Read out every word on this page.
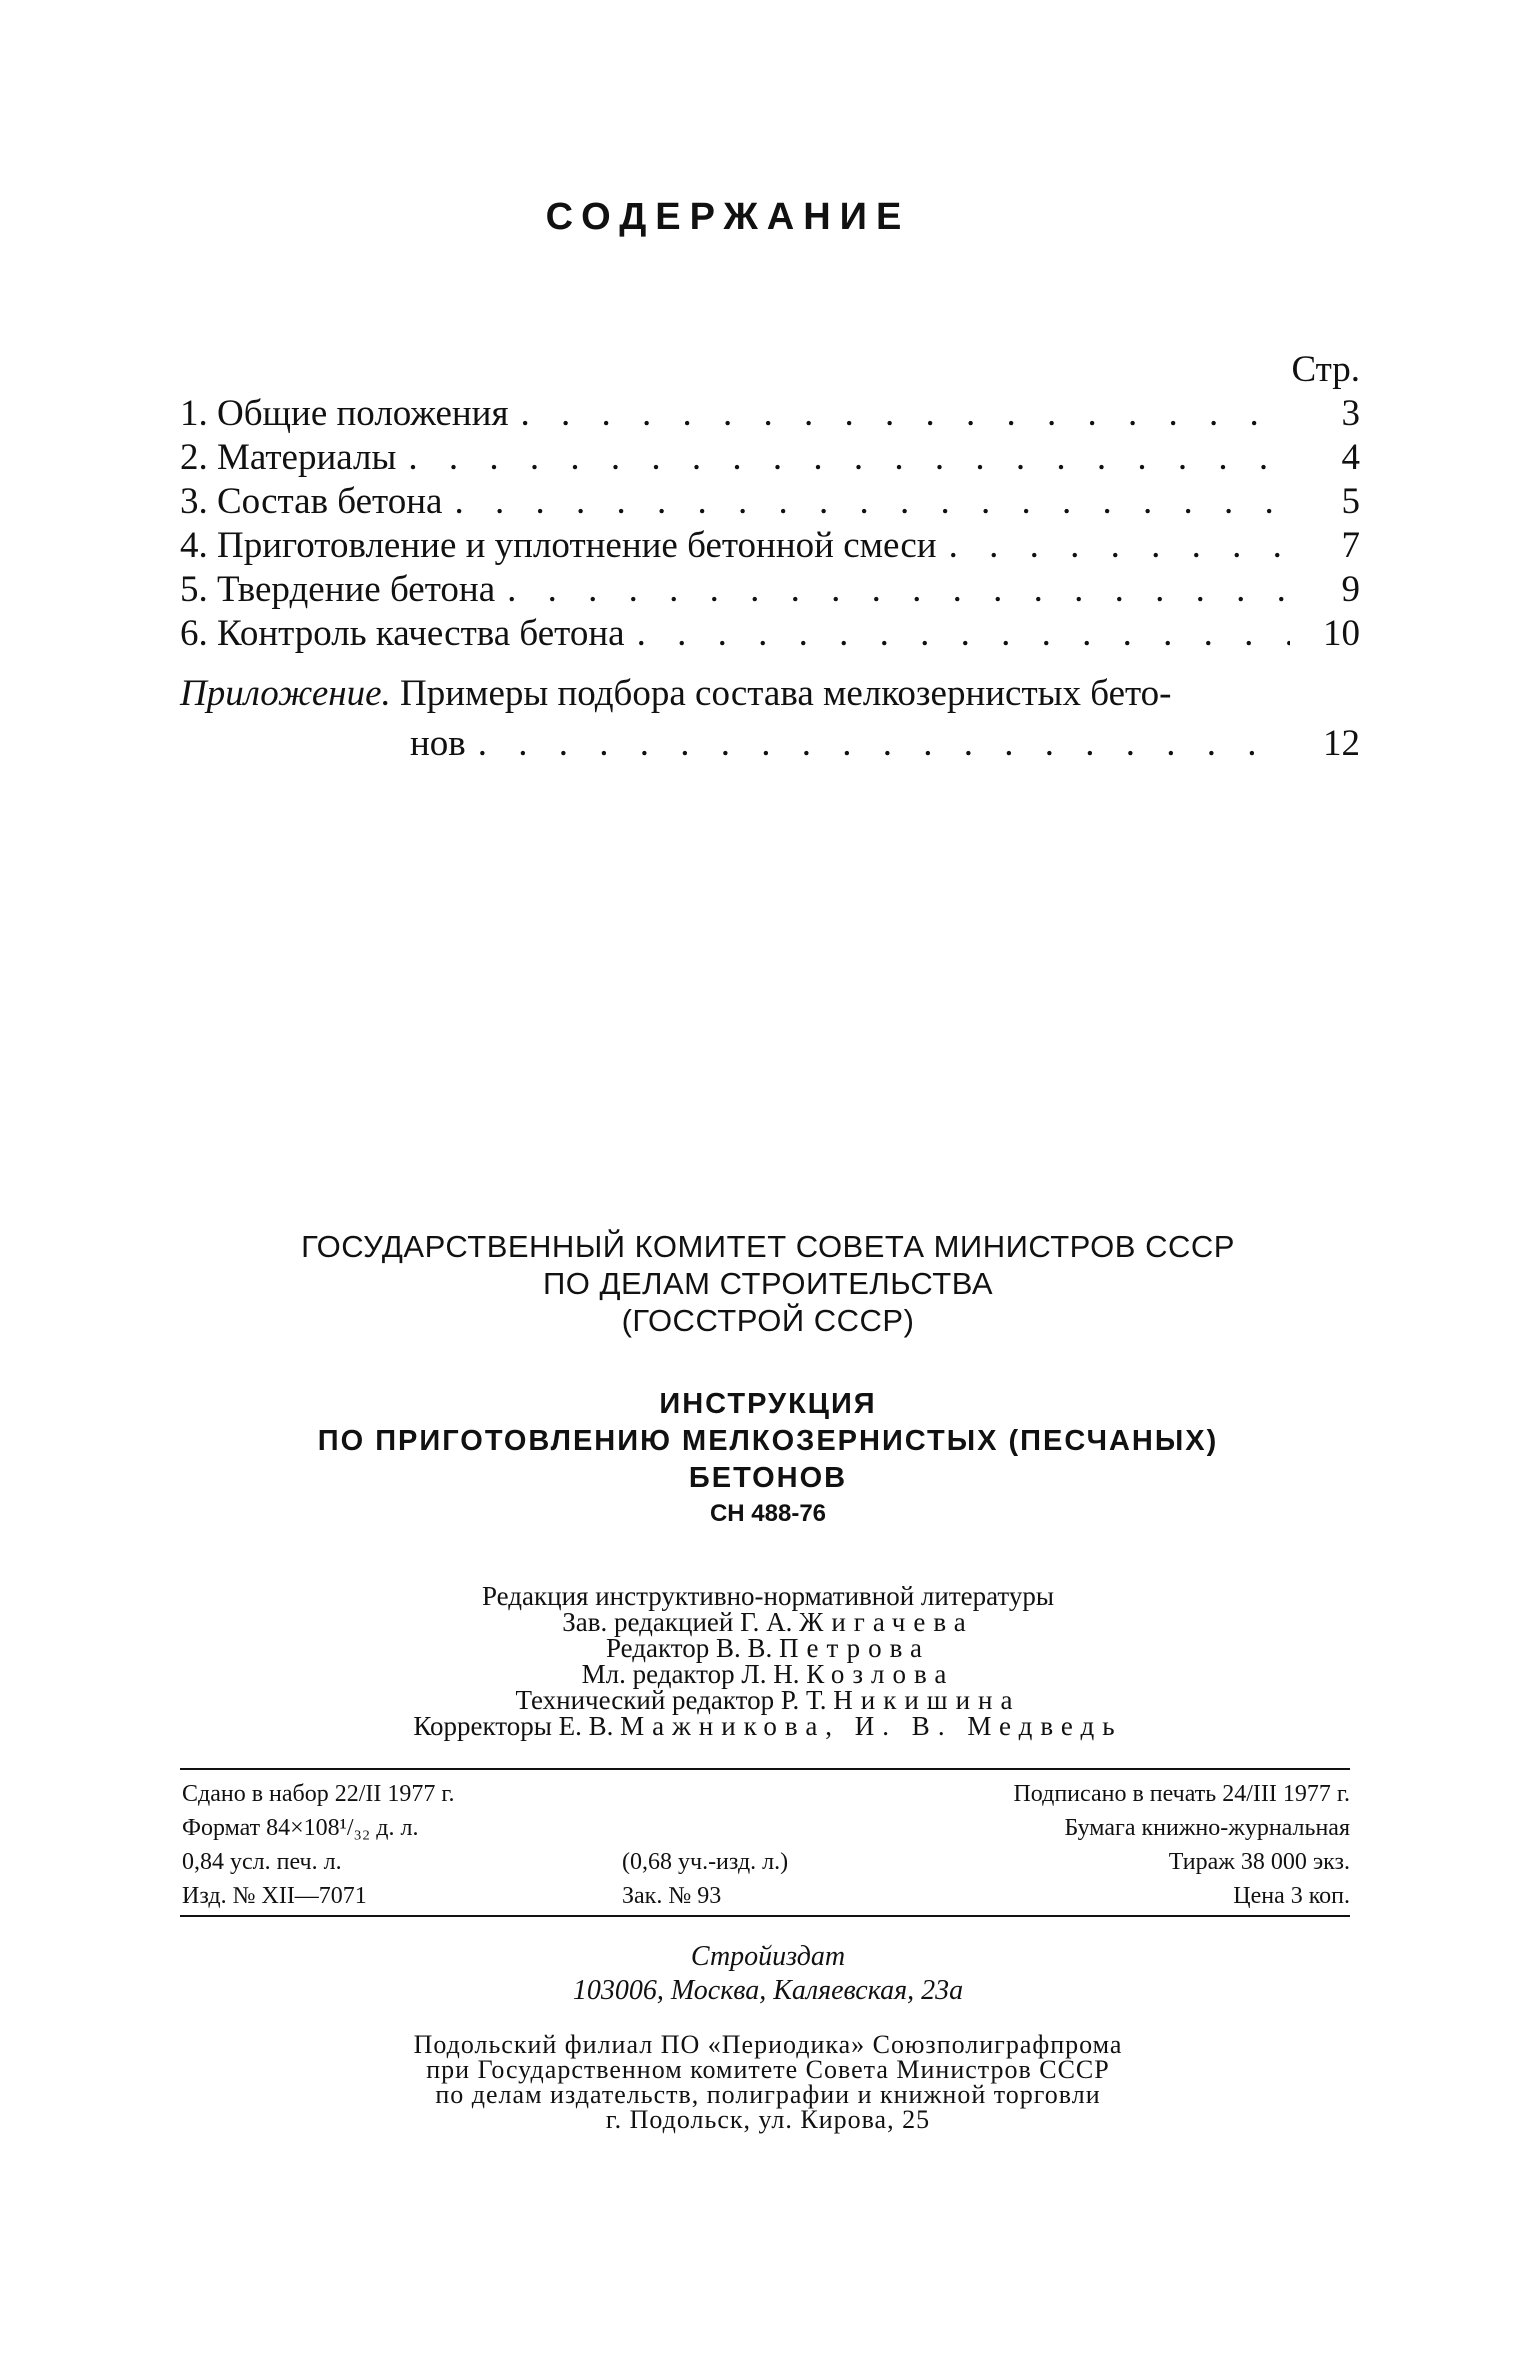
СОДЕРЖАНИЕ
Стр.
1. Общие положения . . .	3
2. Материалы . . .	4
3. Состав бетона . . .	5
4. Приготовление и уплотнение бетонной смеси . . .	7
5. Твердение бетона . . .	9
6. Контроль качества бетона . . .	10
Приложение. Примеры подбора состава мелкозернистых бето-
нов . . .	12
ГОСУДАРСТВЕННЫЙ КОМИТЕТ СОВЕТА МИНИСТРОВ СССР
ПО ДЕЛАМ СТРОИТЕЛЬСТВА
(ГОССТРОЙ СССР)
ИНСТРУКЦИЯ
ПО ПРИГОТОВЛЕНИЮ МЕЛКОЗЕРНИСТЫХ (ПЕСЧАНЫХ)
БЕТОНОВ
СН 488-76
Редакция инструктивно-нормативной литературы
Зав. редакцией Г. А. Жигачева
Редактор В. В. Петрова
Мл. редактор Л. Н. Козлова
Технический редактор Р. Т. Никишина
Корректоры Е. В. Мажникова, И. В. Медведь
Сдано в набор 22/II 1977 г.	Подписано в печать 24/III 1977 г.
Формат 84×108¹/₃₂ д. л.	Бумага книжно-журнальная
0,84 усл. печ. л.	(0,68 уч.-изд. л.)	Тираж 38 000 экз.
Изд. № XII—7071	Зак. № 93	Цена 3 коп.
Стройиздат
103006, Москва, Каляевская, 23а
Подольский филиал ПО «Периодика» Союзполиграфпрома
при Государственном комитете Совета Министров СССР
по делам издательств, полиграфии и книжной торговли
г. Подольск, ул. Кирова, 25
